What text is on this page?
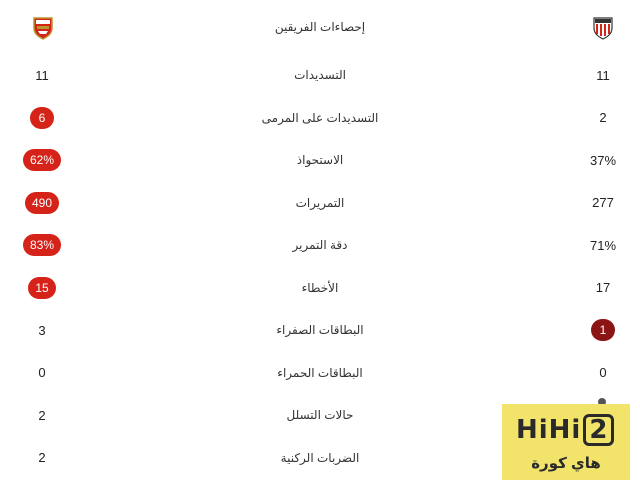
إحصاءات الفريقين
11	التسديدات	11
6	التسديدات على المرمى	2
62%	الاستحواذ	37%
490	التمريرات	277
83%	دقة التمرير	71%
15	الأخطاء	17
3	البطاقات الصفراء	1
0	البطاقات الحمراء	0
2	حالات التسلل
2	الضربات الركنية
HiHi 2
هاي كورة
